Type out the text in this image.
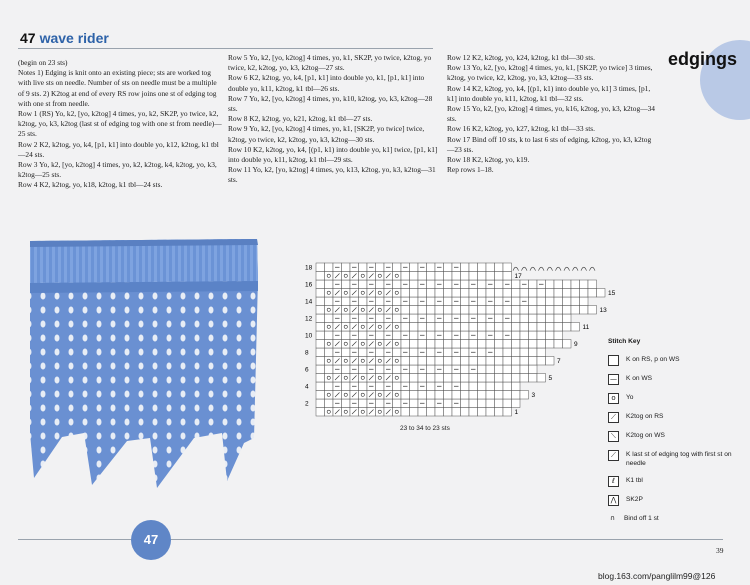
47 wave rider
edgings

(begin on 23 sts)

Notes 1) Edging is knit onto an existing piece; sts are worked tog with live sts on needle. Number of sts on needle must be a multiple of 9 sts. 2) K2tog at end of every RS row joins one st of edging tog with one st from needle.

Row 1 (RS) Yo, k2, [yo, k2tog] 4 times, yo, k2, SK2P, yo twice, k2, k2tog, yo, k3, k2tog (last st of edging tog with one st from needle)—25 sts.

Row 2 K2, k2tog, yo, k4, [p1, k1] into double yo, k12, k2tog, k1 tbl—24 sts.

Row 3 Yo, k2, [yo, k2tog] 4 times, yo, k2, k2tog, k4, k2tog, yo, k3, k2tog—25 sts.

Row 4 K2, k2tog, yo, k18, k2tog, k1 tbl—24 sts.

Row 5 Yo, k2, [yo, k2tog] 4 times, yo, k1, SK2P, yo twice, k2tog, yo twice, k2, k2tog, yo, k3, k2tog—27 sts.

Row 6 K2, k2tog, yo, k4, [p1, k1] into double yo, k1, [p1, k1] into double yo, k11, k2tog, k1 tbl—26 sts.

Row 7 Yo, k2, [yo, k2tog] 4 times, yo, k10, k2tog, yo, k3, k2tog—28 sts.

Row 8 K2, k2tog, yo, k21, k2tog, k1 tbl—27 sts.

Row 9 Yo, k2, [yo, k2tog] 4 times, yo, k1, [SK2P, yo twice] twice, k2tog, yo twice, k2, k2tog, yo, k3, k2tog—30 sts.

Row 10 K2, k2tog, yo, k4, [(p1, k1) into double yo, k1] twice, [p1, k1] into double yo, k11, k2tog, k1 tbl—29 sts.

Row 11 Yo, k2, [yo, k2tog] 4 times, yo, k13, k2tog, yo, k3, k2tog—31 sts.

Row 12 K2, k2tog, yo, k24, k2tog, k1 tbl—30 sts.

Row 13 Yo, k2, [yo, k2tog] 4 times, yo, k1, [SK2P, yo twice] 3 times, k2tog, yo twice, k2, k2tog, yo, k3, k2tog—33 sts.

Row 14 K2, k2tog, yo, k4, [(p1, k1) into double yo, k1] 3 times, [p1, k1] into double yo, k11, k2tog, k1 tbl—32 sts.

Row 15 Yo, k2, [yo, k2tog] 4 times, yo, k16, k2tog, yo, k3, k2tog—34 sts.

Row 16 K2, k2tog, yo, k27, k2tog, k1 tbl—33 sts.

Row 17 Bind off 10 sts, k to last 6 sts of edging, k2tog, yo, k3, k2tog—23 sts.

Row 18 K2, k2tog, yo, k19.

Rep rows 1–18.

18
16
14
12
10
8
6
4
2
17
15
13
11
9
7
5
3
1
23 to 34 to 23 sts
Stitch Key
K on RS, p on WS
—	K on WS
o	Yo
⟋	K2tog on RS
⟍	K2tog on WS
⟋	K last st of edging tog with first st on needle
ℓ	K1 tbl
⋀	SK2P
∩ Bind off 1 st
47
39
blog.163.com/panglilm99@126
